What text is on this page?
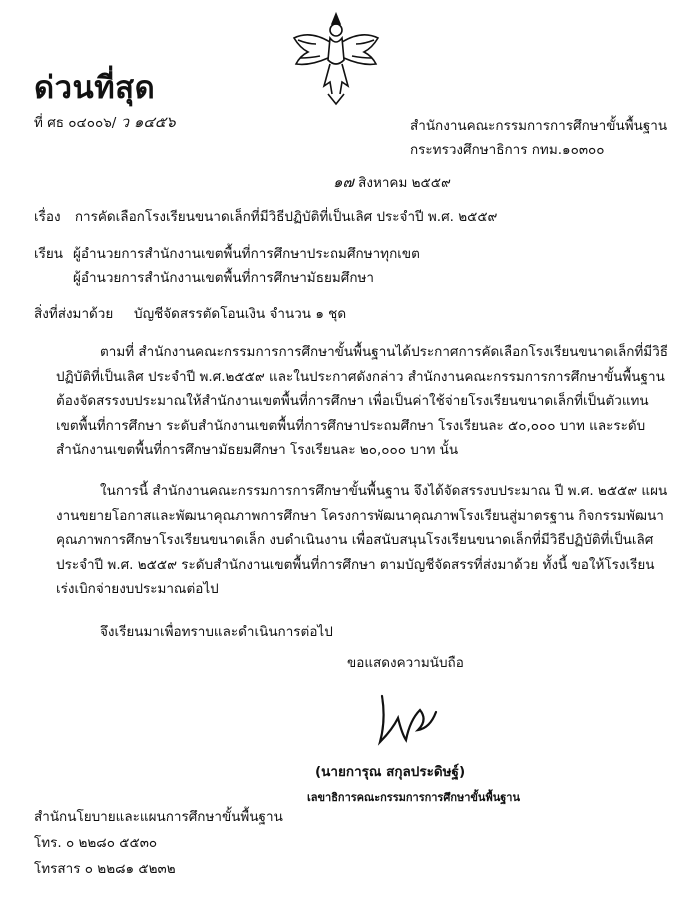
ด่วนที่สุด
ที่ ศธ ๐๔๐๐๖/ ว ๑๔๕๖	สำนักงานคณะกรรมการการศึกษาขั้นพื้นฐาน
กระทรวงศึกษาธิการ กทม.๑๐๓๐๐
๑๗ สิงหาคม ๒๕๕๙
เรื่อง การคัดเลือกโรงเรียนขนาดเล็กที่มีวิธีปฏิบัติที่เป็นเลิศ ประจำปี พ.ศ. ๒๕๕๙
เรียน ผู้อำนวยการสำนักงานเขตพื้นที่การศึกษาประถมศึกษาทุกเขต
ผู้อำนวยการสำนักงานเขตพื้นที่การศึกษามัธยมศึกษา
สิ่งที่ส่งมาด้วย บัญชีจัดสรรตัดโอนเงิน จำนวน ๑ ชุด
ตามที่ สำนักงานคณะกรรมการการศึกษาขั้นพื้นฐานได้ประกาศการคัดเลือกโรงเรียนขนาดเล็กที่มีวิธีปฏิบัติที่เป็นเลิศ ประจำปี พ.ศ.๒๕๕๙ และในประกาศดังกล่าว สำนักงานคณะกรรมการการศึกษาขั้นพื้นฐานต้องจัดสรรงบประมาณให้สำนักงานเขตพื้นที่การศึกษา เพื่อเป็นค่าใช้จ่ายโรงเรียนขนาดเล็กที่เป็นตัวแทนเขตพื้นที่การศึกษา ระดับสำนักงานเขตพื้นที่การศึกษาประถมศึกษา โรงเรียนละ ๕๐,๐๐๐ บาท และระดับสำนักงานเขตพื้นที่การศึกษามัธยมศึกษา โรงเรียนละ ๒๐,๐๐๐ บาท นั้น
ในการนี้ สำนักงานคณะกรรมการการศึกษาขั้นพื้นฐาน จึงได้จัดสรรงบประมาณ ปี พ.ศ. ๒๕๕๙ แผนงานขยายโอกาสและพัฒนาคุณภาพการศึกษา โครงการพัฒนาคุณภาพโรงเรียนสู่มาตรฐาน กิจกรรมพัฒนาคุณภาพการศึกษาโรงเรียนขนาดเล็ก งบดำเนินงาน เพื่อสนับสนุนโรงเรียนขนาดเล็กที่มีวิธีปฏิบัติที่เป็นเลิศ ประจำปี พ.ศ. ๒๕๕๙ ระดับสำนักงานเขตพื้นที่การศึกษา ตามบัญชีจัดสรรที่ส่งมาด้วย ทั้งนี้ ขอให้โรงเรียนเร่งเบิกจ่ายงบประมาณต่อไป
จึงเรียนมาเพื่อทราบและดำเนินการต่อไป
ขอแสดงความนับถือ
(นายการุณ สกุลประดิษฐ์)
เลขาธิการคณะกรรมการการศึกษาขั้นพื้นฐาน
สำนักนโยบายและแผนการศึกษาขั้นพื้นฐาน
โทร. ๐ ๒๒๘๐ ๕๕๓๐
โทรสาร ๐ ๒๒๘๑ ๕๒๓๒
